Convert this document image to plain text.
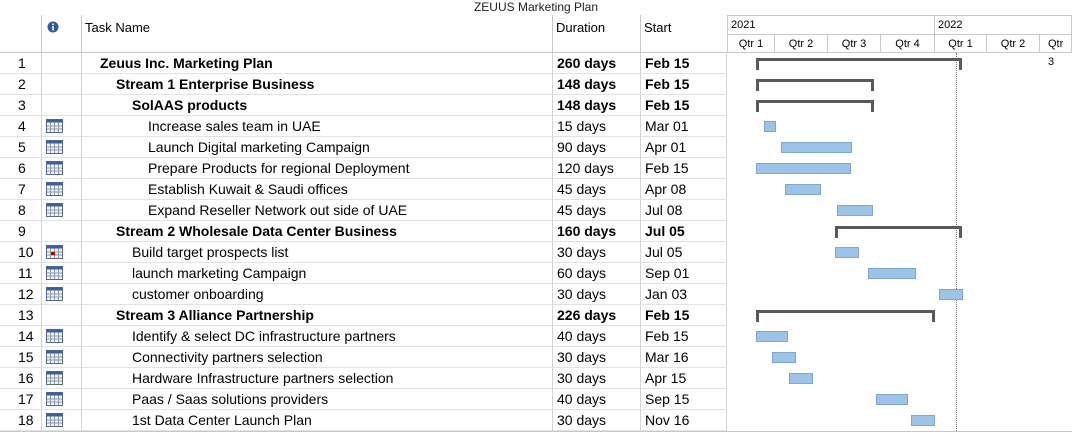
ZEUUS Marketing Plan
Task Name	Duration	Start
1	Zeuus Inc. Marketing Plan	260 days	Feb 15
2	Stream 1 Enterprise Business	148 days	Feb 15
3	SolAAS products	148 days	Feb 15
4	Increase sales team in UAE	15 days	Mar 01
5	Launch Digital marketing Campaign	90 days	Apr 01
6	Prepare Products for regional Deployment	120 days	Feb 15
7	Establish Kuwait & Saudi offices	45 days	Apr 08
8	Expand Reseller Network out side of UAE	45 days	Jul 08
9	Stream 2 Wholesale Data Center Business	160 days	Jul 05
10	Build target prospects list	30 days	Jul 05
11	launch marketing Campaign	60 days	Sep 01
12	customer onboarding	30 days	Jan 03
13	Stream 3 Alliance Partnership	226 days	Feb 15
14	Identify & select DC infrastructure partners	40 days	Feb 15
15	Connectivity partners selection	30 days	Mar 16
16	Hardware Infrastructure partners selection	30 days	Apr 15
17	Paas / Saas solutions providers	40 days	Sep 15
18	1st Data Center Launch Plan	30 days	Nov 16
2021	2022
Qtr 1	Qtr 2	Qtr 3	Qtr 4	Qtr 1	Qtr 2	Qtr 3
